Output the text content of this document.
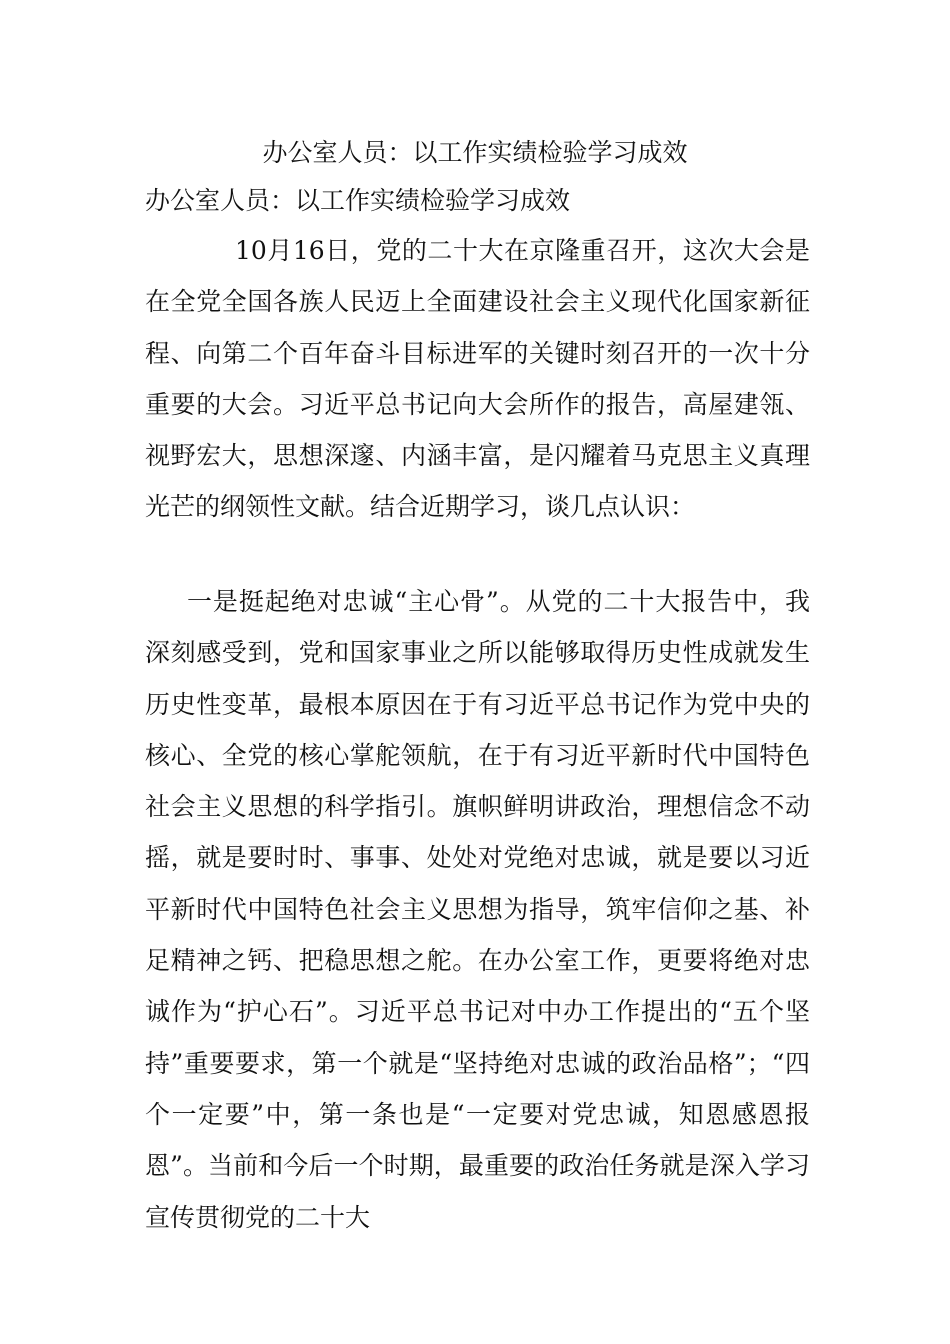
办公室人员：以工作实绩检验学习成效
办公室人员：以工作实绩检验学习成效
10月16日，党的二十大在京隆重召开，这次大会是在全党全国各族人民迈上全面建设社会主义现代化国家新征程、向第二个百年奋斗目标进军的关键时刻召开的一次十分重要的大会。习近平总书记向大会所作的报告，高屋建瓴、视野宏大，思想深邃、内涵丰富，是闪耀着马克思主义真理光芒的纲领性文献。结合近期学习，谈几点认识：
一是挺起绝对忠诚“主心骨”。从党的二十大报告中，我深刻感受到，党和国家事业之所以能够取得历史性成就发生历史性变革，最根本原因在于有习近平总书记作为党中央的核心、全党的核心掌舵领航，在于有习近平新时代中国特色社会主义思想的科学指引。旗帜鲜明讲政治，理想信念不动摇，就是要时时、事事、处处对党绝对忠诚，就是要以习近平新时代中国特色社会主义思想为指导，筑牢信仰之基、补足精神之钙、把稳思想之舵。在办公室工作，更要将绝对忠诚作为“护心石”。习近平总书记对中办工作提出的“五个坚持”重要要求，第一个就是“坚持绝对忠诚的政治品格”；“四个一定要”中，第一条也是“一定要对党忠诚，知恩感恩报恩”。当前和今后一个时期，最重要的政治任务就是深入学习宣传贯彻党的二十大
